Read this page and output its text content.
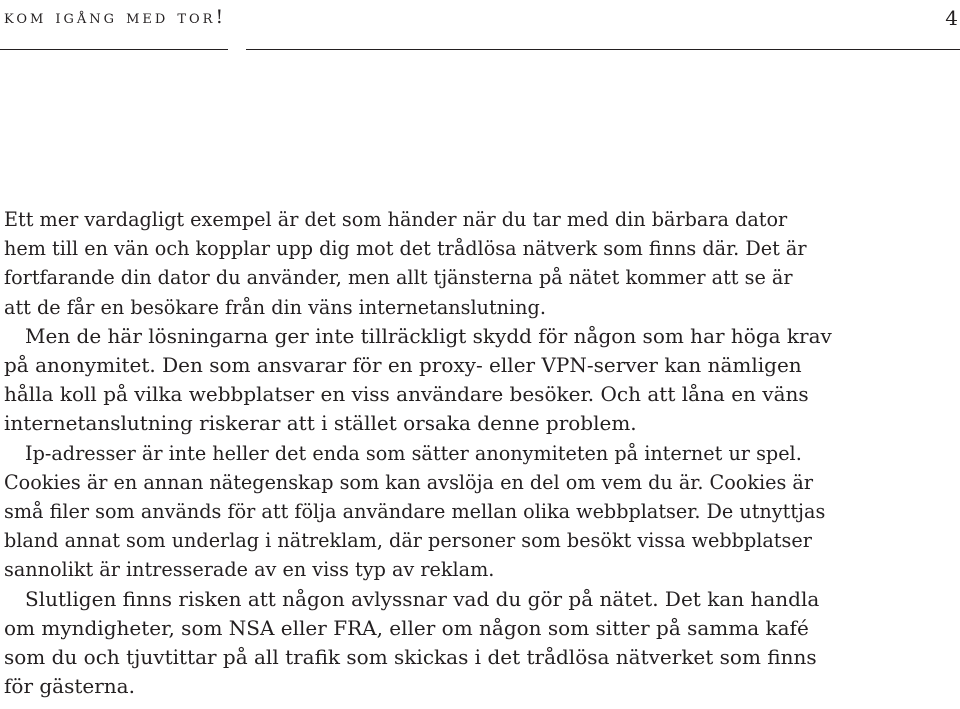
kom igång med tor!	4

Ett mer vardagligt exempel är det som händer när du tar med din bärbara dator
hem till en vän och kopplar upp dig mot det trådlösa nätverk som finns där. Det är
fortfarande din dator du använder, men allt tjänsterna på nätet kommer att se är
att de får en besökare från din väns internetanslutning.

Men de här lösningarna ger inte tillräckligt skydd för någon som har höga krav
på anonymitet. Den som ansvarar för en proxy- eller VPN-server kan nämligen
hålla koll på vilka webbplatser en viss användare besöker. Och att låna en väns
internetanslutning riskerar att i stället orsaka denne problem.

Ip-adresser är inte heller det enda som sätter anonymiteten på internet ur spel.
Cookies är en annan nätegenskap som kan avslöja en del om vem du är. Cookies är
små filer som används för att följa användare mellan olika webbplatser. De utnyttjas
bland annat som underlag i nätreklam, där personer som besökt vissa webbplatser
sannolikt är intresserade av en viss typ av reklam.

Slutligen finns risken att någon avlyssnar vad du gör på nätet. Det kan handla
om myndigheter, som NSA eller FRA, eller om någon som sitter på samma kafé
som du och tjuvtittar på all trafik som skickas i det trådlösa nätverket som finns
för gästerna.
